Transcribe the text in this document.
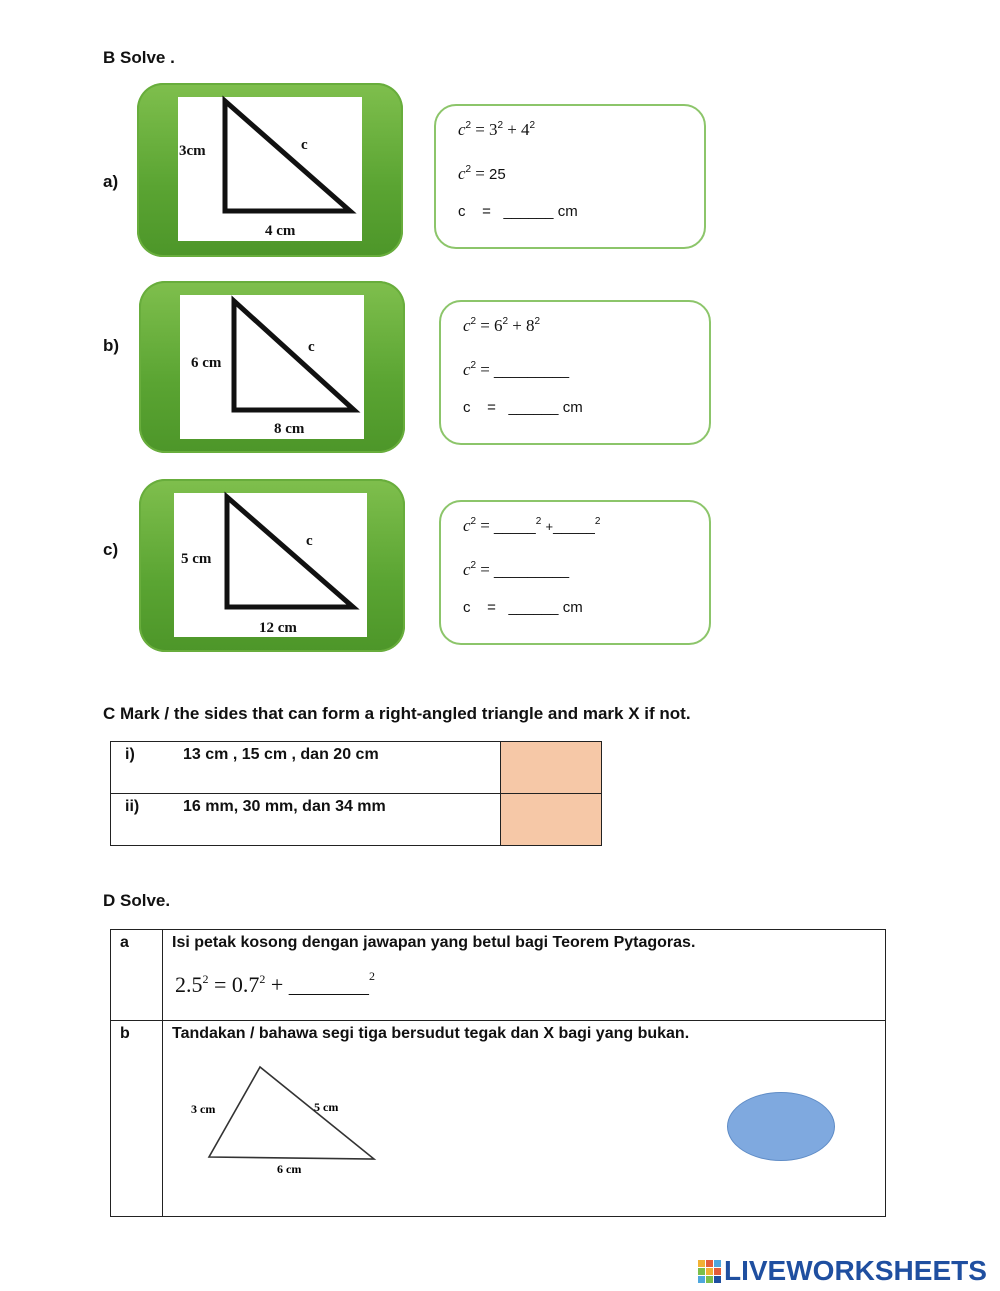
B Solve .
a)
3cm	c
4 cm
$c^2 = 3^2 + 4^2$
$c^2 = 25$
c = ______ cm
b)
6 cm
c
8 cm
$c^2 = 6^2 + 8^2$
$c^2$ = _________
c = ______ cm
c)	5 cm
c
12 cm
$c^2$ = _____$^2$ +_____$^2$
$c^2$ = _________
c = ______ cm
C Mark / the sides that can form a right-angled triangle and mark X if not.
i) 13 cm , 15 cm , dan 20 cm	
ii) 16 mm, 30 mm, dan 34 mm	
D Solve.
a	Isi petak kosong dengan jawapan yang betul bagi Teorem Pytagoras.
$2.5^2 = 0.7^2$ + _________$^2$

b	Tandakan / bahawa segi tiga bersudut tegak dan X bagi yang bukan.
3 cm 5 cm
6 cm
LIVEWORKSHEETS
